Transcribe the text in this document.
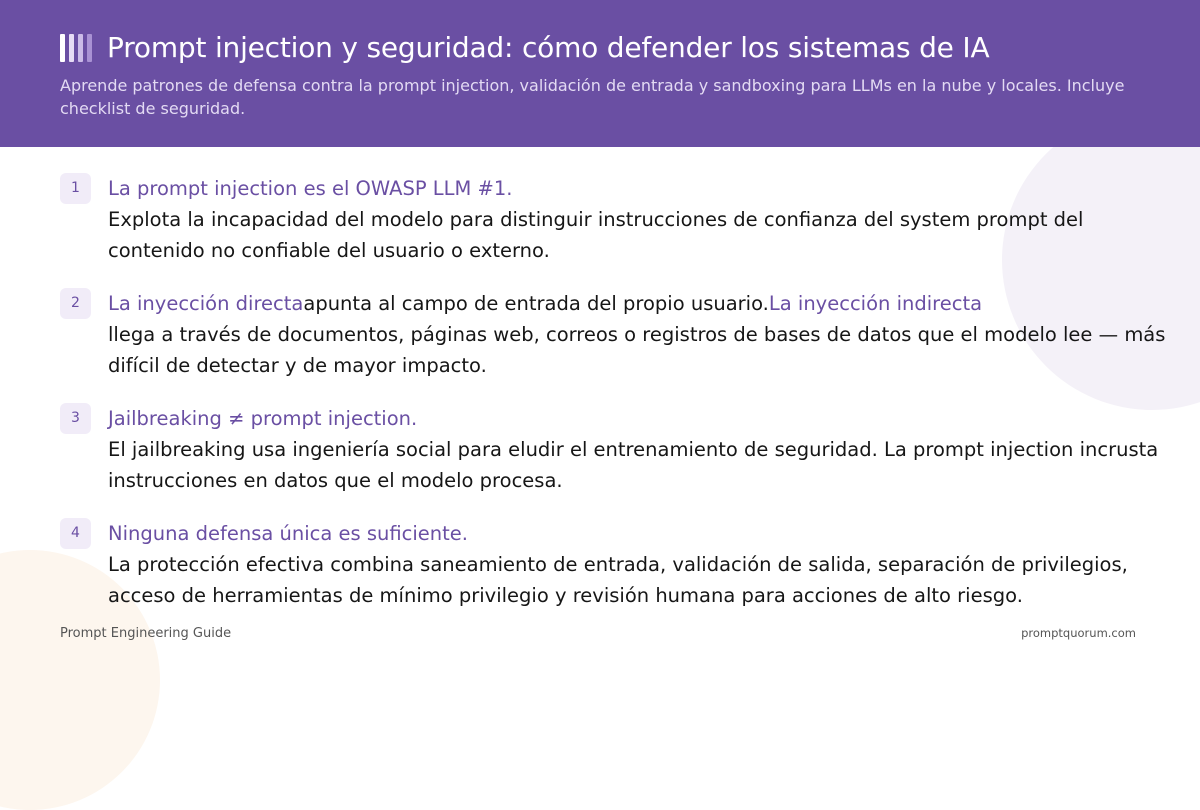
Prompt injection y seguridad: cómo defender los sistemas de IA
Aprende patrones de defensa contra la prompt injection, validación de entrada y sandboxing para LLMs en la nube y locales. Incluye checklist de seguridad.
1	La prompt injection es el OWASP LLM #1.
Explota la incapacidad del modelo para distinguir instrucciones de confianza del system prompt del contenido no confiable del usuario o externo.
2	La inyección directaapunta al campo de entrada del propio usuario.La inyección indirecta
llega a través de documentos, páginas web, correos o registros de bases de datos que el modelo lee — más difícil de detectar y de mayor impacto.
3	Jailbreaking ≠ prompt injection.
El jailbreaking usa ingeniería social para eludir el entrenamiento de seguridad. La prompt injection incrusta instrucciones en datos que el modelo procesa.
4	Ninguna defensa única es suficiente.
La protección efectiva combina saneamiento de entrada, validación de salida, separación de privilegios, acceso de herramientas de mínimo privilegio y revisión humana para acciones de alto riesgo.
Prompt Engineering Guide	promptquorum.com
